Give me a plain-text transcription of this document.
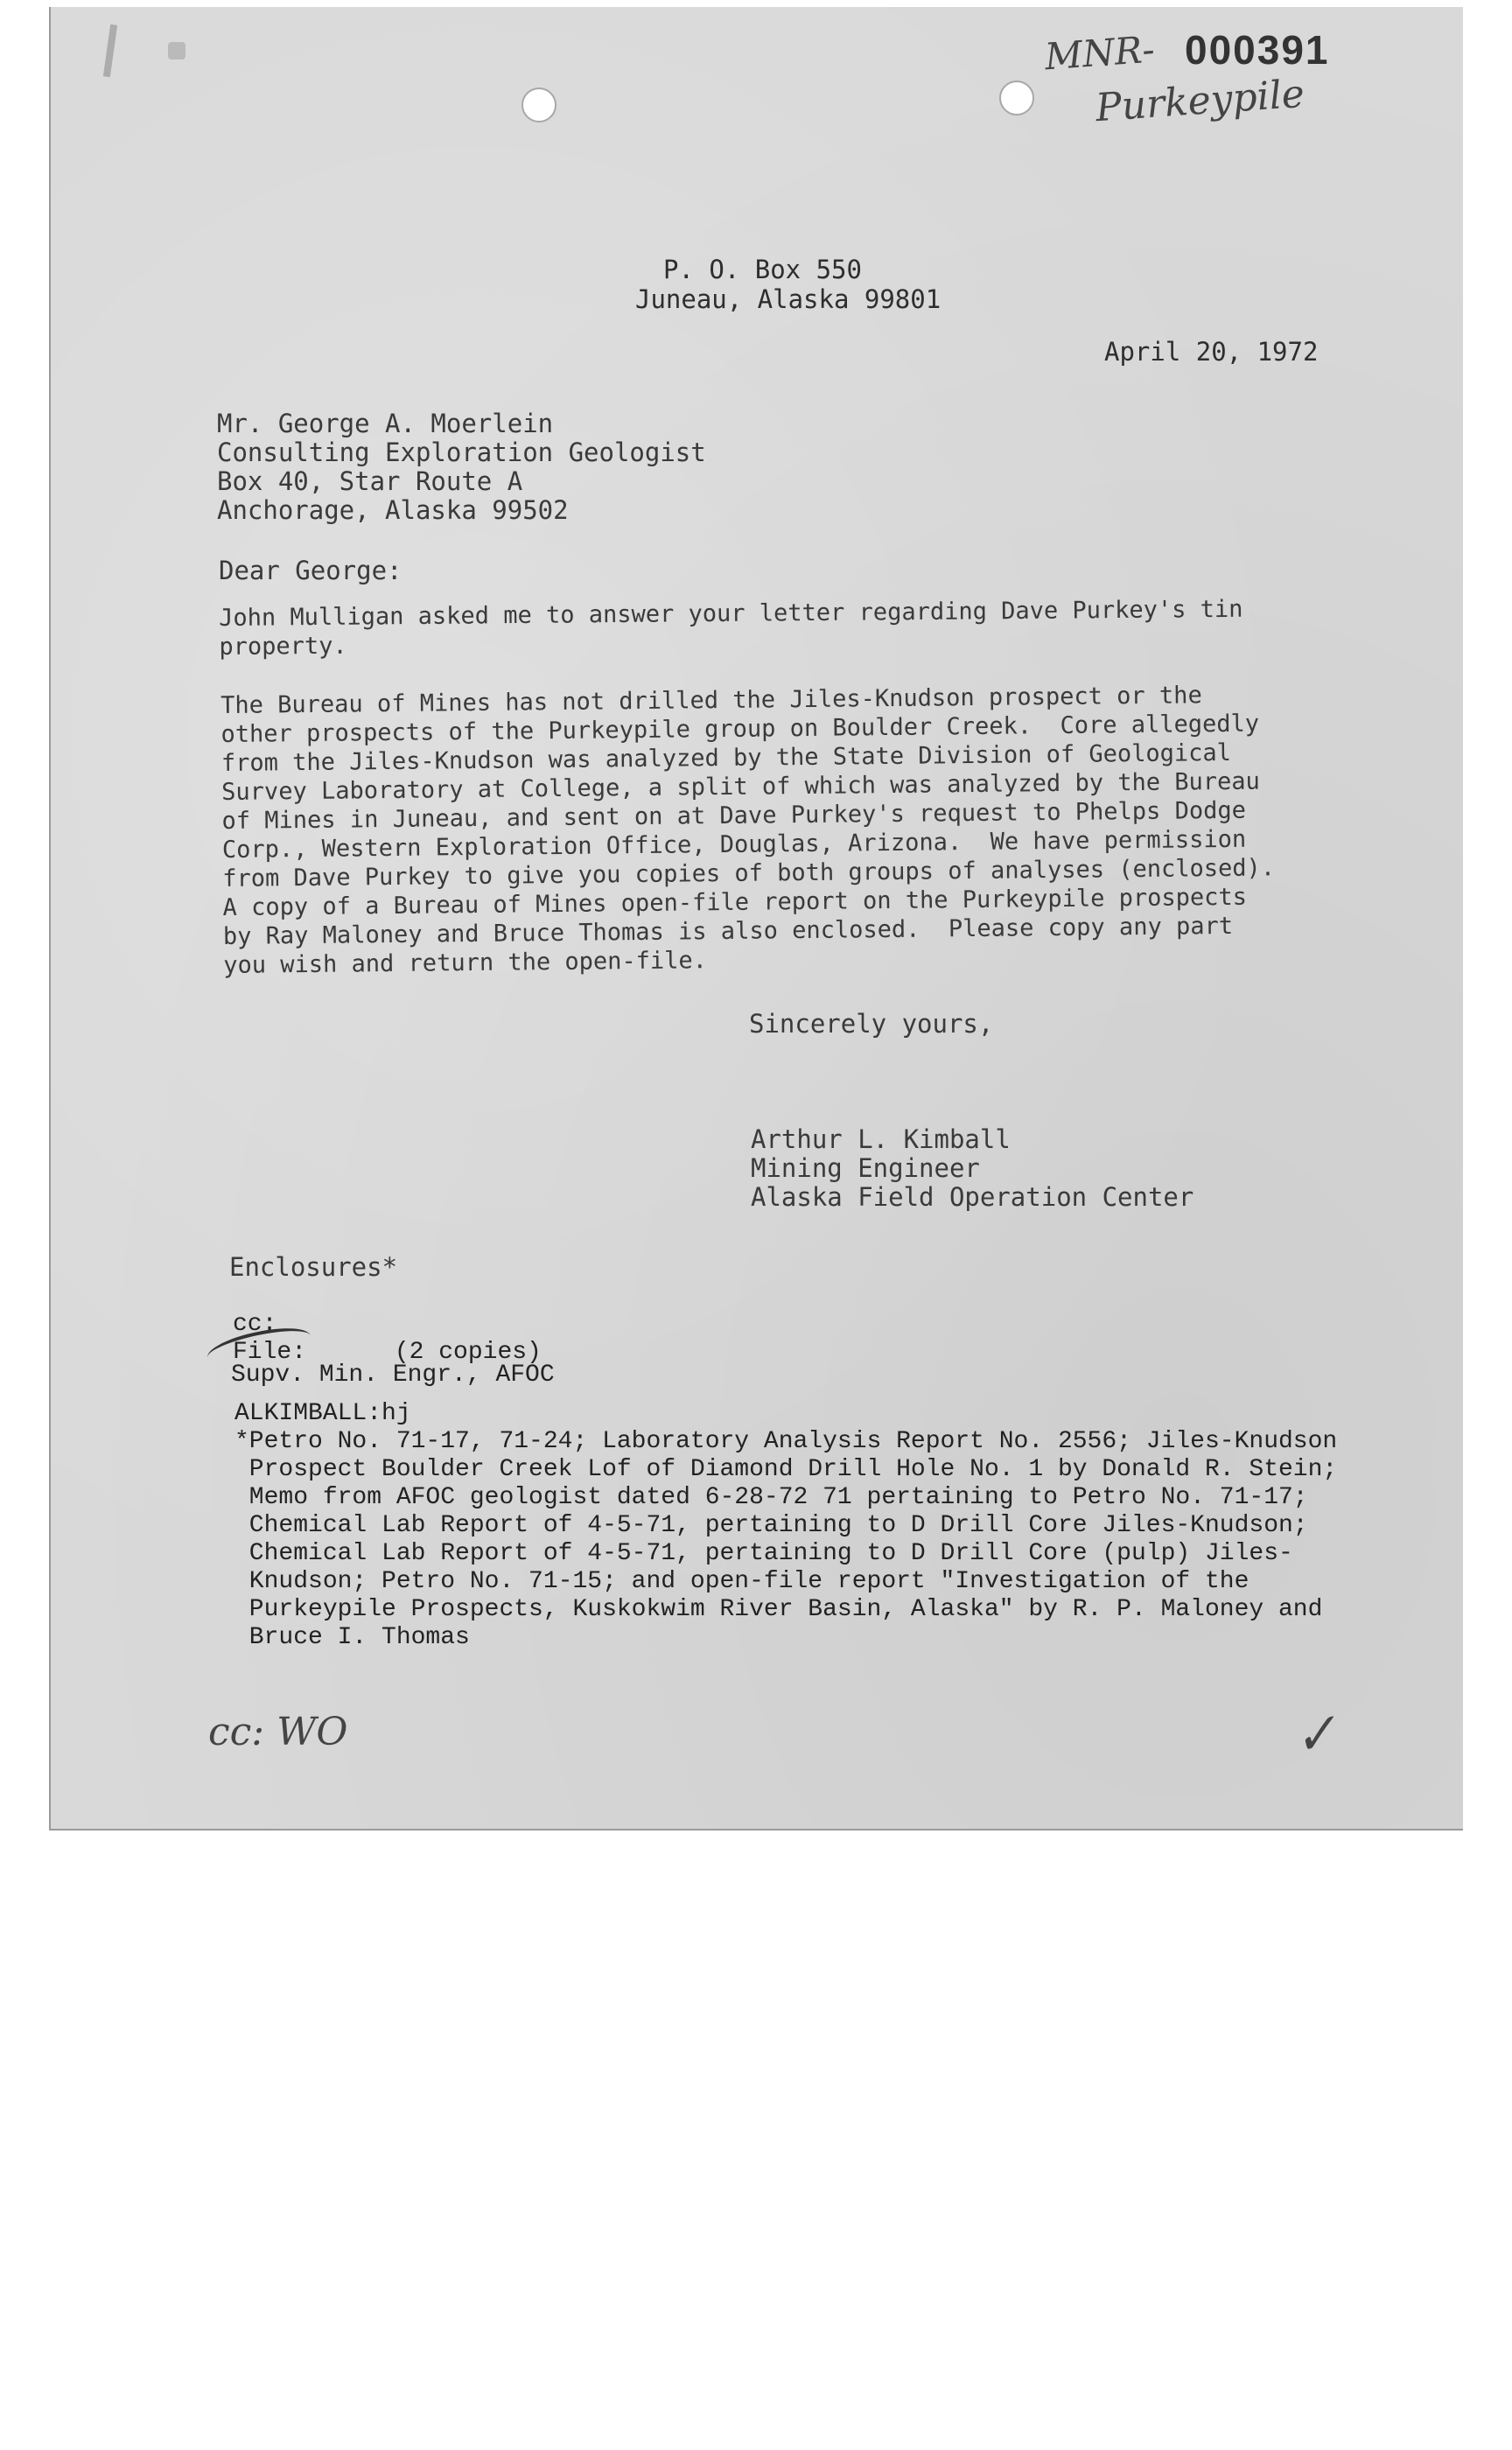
MNR- 000391
Purkeypile
P. O. Box 550
Juneau, Alaska 99801
April 20, 1972
Mr. George A. Moerlein
Consulting Exploration Geologist
Box 40, Star Route A
Anchorage, Alaska 99502
Dear George:
John Mulligan asked me to answer your letter regarding Dave Purkey's tin
property.
The Bureau of Mines has not drilled the Jiles-Knudson prospect or the
other prospects of the Purkeypile group on Boulder Creek.  Core allegedly
from the Jiles-Knudson was analyzed by the State Division of Geological
Survey Laboratory at College, a split of which was analyzed by the Bureau
of Mines in Juneau, and sent on at Dave Purkey's request to Phelps Dodge
Corp., Western Exploration Office, Douglas, Arizona.  We have permission
from Dave Purkey to give you copies of both groups of analyses (enclosed).
A copy of a Bureau of Mines open-file report on the Purkeypile prospects
by Ray Maloney and Bruce Thomas is also enclosed.  Please copy any part
you wish and return the open-file.
Sincerely yours,
Arthur L. Kimball
Mining Engineer
Alaska Field Operation Center
Enclosures*
cc:
File:      (2 copies)
Supv. Min. Engr., AFOC
ALKIMBALL:hj
*Petro No. 71-17, 71-24; Laboratory Analysis Report No. 2556; Jiles-Knudson
Prospect Boulder Creek Lof of Diamond Drill Hole No. 1 by Donald R. Stein;
Memo from AFOC geologist dated 6-28-72 71 pertaining to Petro No. 71-17;
Chemical Lab Report of 4-5-71, pertaining to D Drill Core Jiles-Knudson;
Chemical Lab Report of 4-5-71, pertaining to D Drill Core (pulp) Jiles-
Knudson; Petro No. 71-15; and open-file report "Investigation of the
Purkeypile Prospects, Kuskokwim River Basin, Alaska" by R. P. Maloney and
Bruce I. Thomas
cc: WO	✓
